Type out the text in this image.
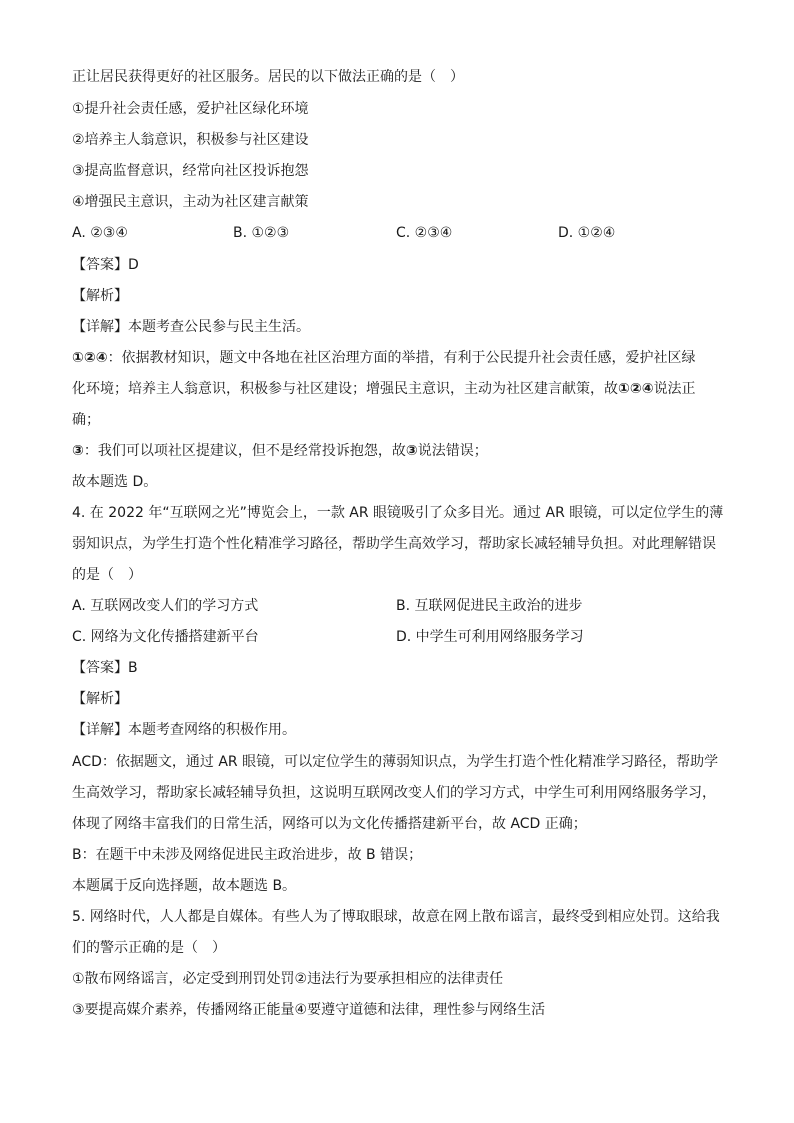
正让居民获得更好的社区服务。居民的以下做法正确的是（　）
①提升社会责任感，爱护社区绿化环境
②培养主人翁意识，积极参与社区建设
③提高监督意识，经常向社区投诉抱怨
④增强民主意识，主动为社区建言献策
A. ②③④	B. ①②③	C. ②③④	D. ①②④
【答案】D
【解析】
【详解】本题考查公民参与民主生活。
①②④：依据教材知识，题文中各地在社区治理方面的举措，有利于公民提升社会责任感，爱护社区绿
化环境；培养主人翁意识，积极参与社区建设；增强民主意识，主动为社区建言献策，故①②④说法正
确；
③：我们可以项社区提建议，但不是经常投诉抱怨，故③说法错误；
故本题选 D。
4. 在 2022 年“互联网之光”博览会上，一款 AR 眼镜吸引了众多目光。通过 AR 眼镜，可以定位学生的薄
弱知识点，为学生打造个性化精准学习路径，帮助学生高效学习，帮助家长减轻辅导负担。对此理解错误
的是（　）
A. 互联网改变人们的学习方式	B. 互联网促进民主政治的进步
C. 网络为文化传播搭建新平台	D. 中学生可利用网络服务学习
【答案】B
【解析】
【详解】本题考查网络的积极作用。
ACD：依据题文，通过 AR 眼镜，可以定位学生的薄弱知识点，为学生打造个性化精准学习路径，帮助学
生高效学习，帮助家长减轻辅导负担，这说明互联网改变人们的学习方式，中学生可利用网络服务学习，
体现了网络丰富我们的日常生活，网络可以为文化传播搭建新平台，故 ACD 正确；
B：在题干中未涉及网络促进民主政治进步，故 B 错误；
本题属于反向选择题，故本题选 B。
5. 网络时代，人人都是自媒体。有些人为了博取眼球，故意在网上散布谣言，最终受到相应处罚。这给我
们的警示正确的是（　）
①散布网络谣言，必定受到刑罚处罚②违法行为要承担相应的法律责任
③要提高媒介素养，传播网络正能量④要遵守道德和法律，理性参与网络生活
